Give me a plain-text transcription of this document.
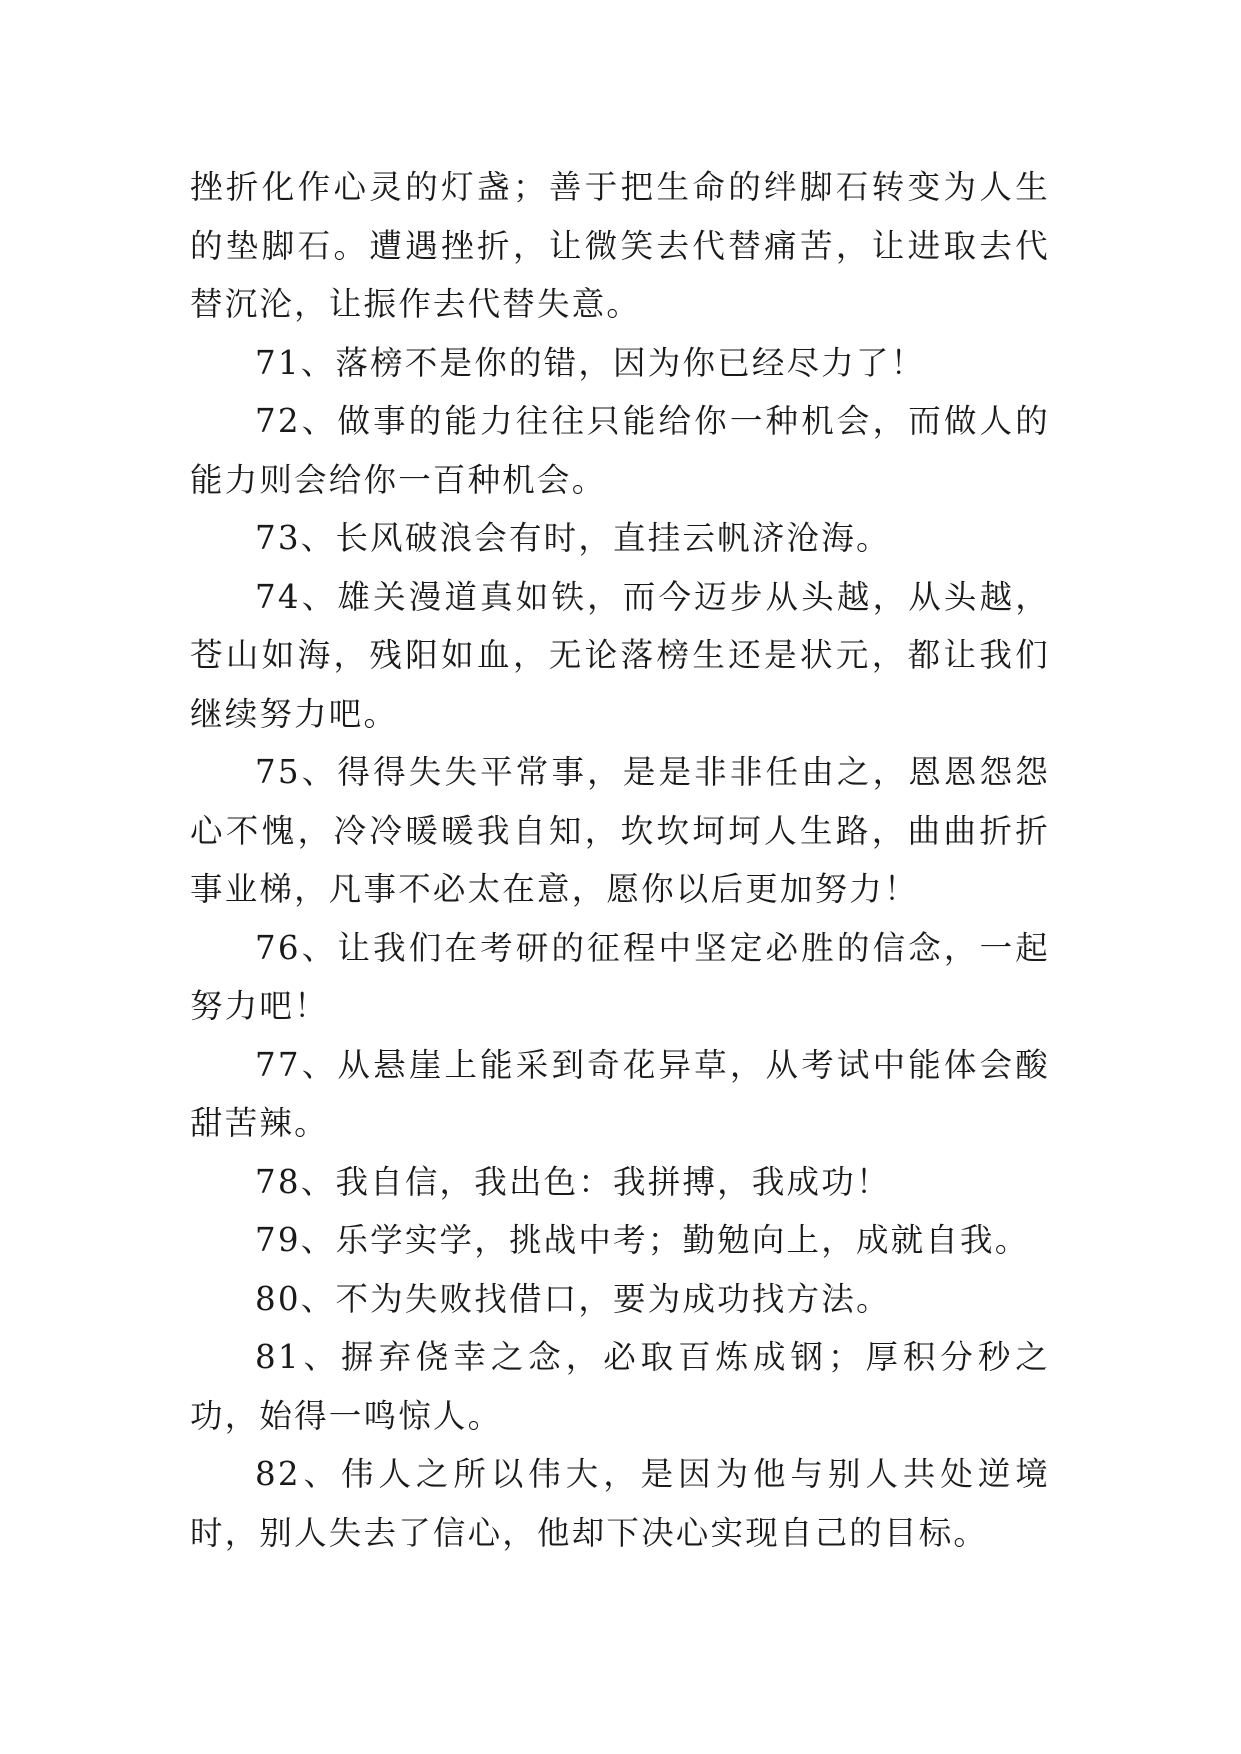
挫折化作心灵的灯盏；善于把生命的绊脚石转变为人生的垫脚石。遭遇挫折，让微笑去代替痛苦，让进取去代替沉沦，让振作去代替失意。

71、落榜不是你的错，因为你已经尽力了！

72、做事的能力往往只能给你一种机会，而做人的能力则会给你一百种机会。

73、长风破浪会有时，直挂云帆济沧海。

74、雄关漫道真如铁，而今迈步从头越，从头越，苍山如海，残阳如血，无论落榜生还是状元，都让我们继续努力吧。

75、得得失失平常事，是是非非任由之，恩恩怨怨心不愧，冷冷暖暖我自知，坎坎坷坷人生路，曲曲折折事业梯，凡事不必太在意，愿你以后更加努力！

76、让我们在考研的征程中坚定必胜的信念，一起努力吧！

77、从悬崖上能采到奇花异草，从考试中能体会酸甜苦辣。

78、我自信，我出色：我拼搏，我成功！

79、乐学实学，挑战中考；勤勉向上，成就自我。

80、不为失败找借口，要为成功找方法。

81、摒弃侥幸之念，必取百炼成钢；厚积分秒之功，始得一鸣惊人。

82、伟人之所以伟大，是因为他与别人共处逆境时，别人失去了信心，他却下决心实现自己的目标。
